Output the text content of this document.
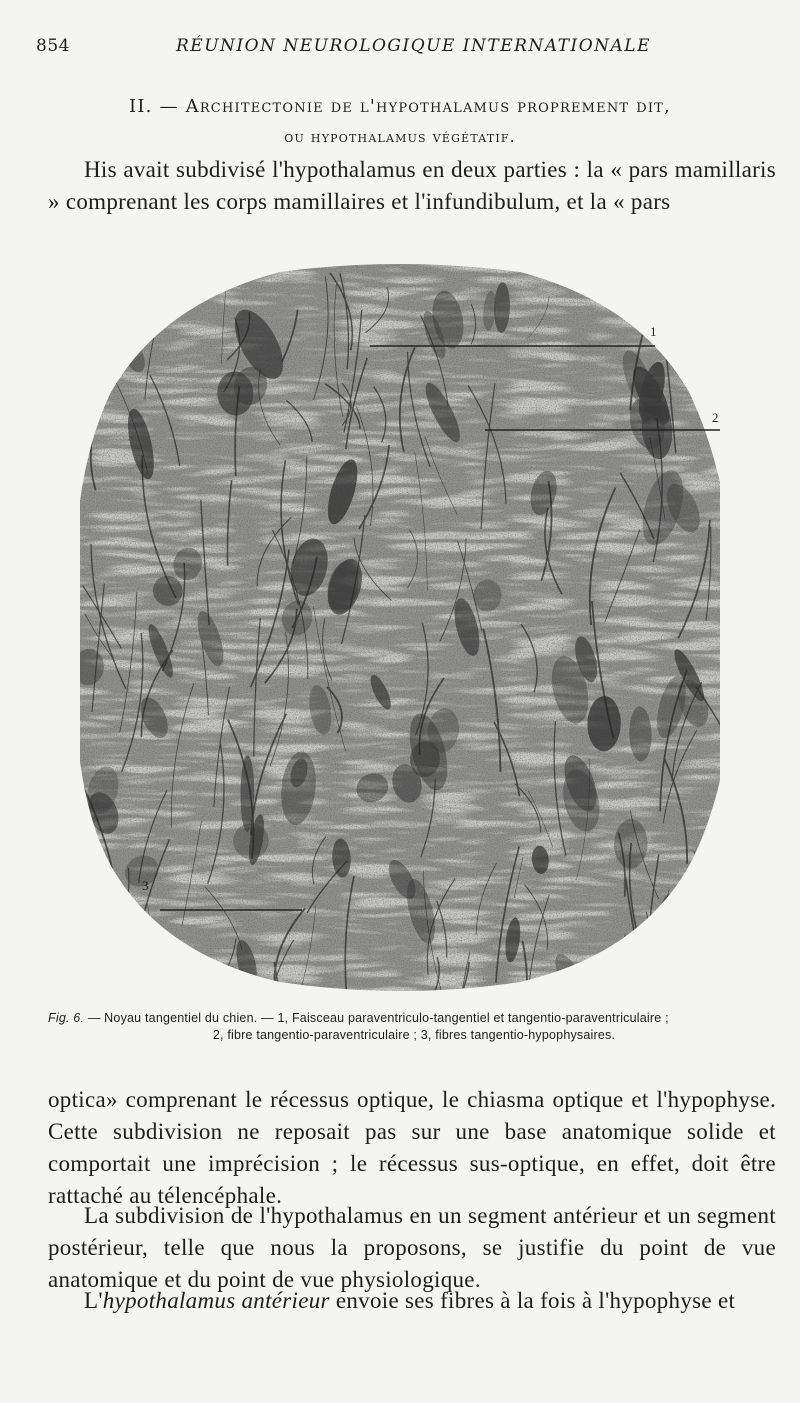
854	RÉUNION NEUROLOGIQUE INTERNATIONALE
II. — Architectonie de l'hypothalamus proprement dit,
ou hypothalamus végétatif.
His avait subdivisé l'hypothalamus en deux parties : la « pars mamillaris » comprenant les corps mamillaires et l'infundibulum, et la « pars
1
2
3
Fig. 6. — Noyau tangentiel du chien. — 1, Faisceau paraventriculo-tangentiel et tangentio-paraventriculaire ;
2, fibre tangentio-paraventriculaire ; 3, fibres tangentio-hypophysaires.
optica» comprenant le récessus optique, le chiasma optique et l'hypophyse. Cette subdivision ne reposait pas sur une base anatomique solide et comportait une imprécision ; le récessus sus-optique, en effet, doit être rattaché au télencéphale.
La subdivision de l'hypothalamus en un segment antérieur et un segment postérieur, telle que nous la proposons, se justifie du point de vue anatomique et du point de vue physiologique.
L'hypothalamus antérieur envoie ses fibres à la fois à l'hypophyse et
